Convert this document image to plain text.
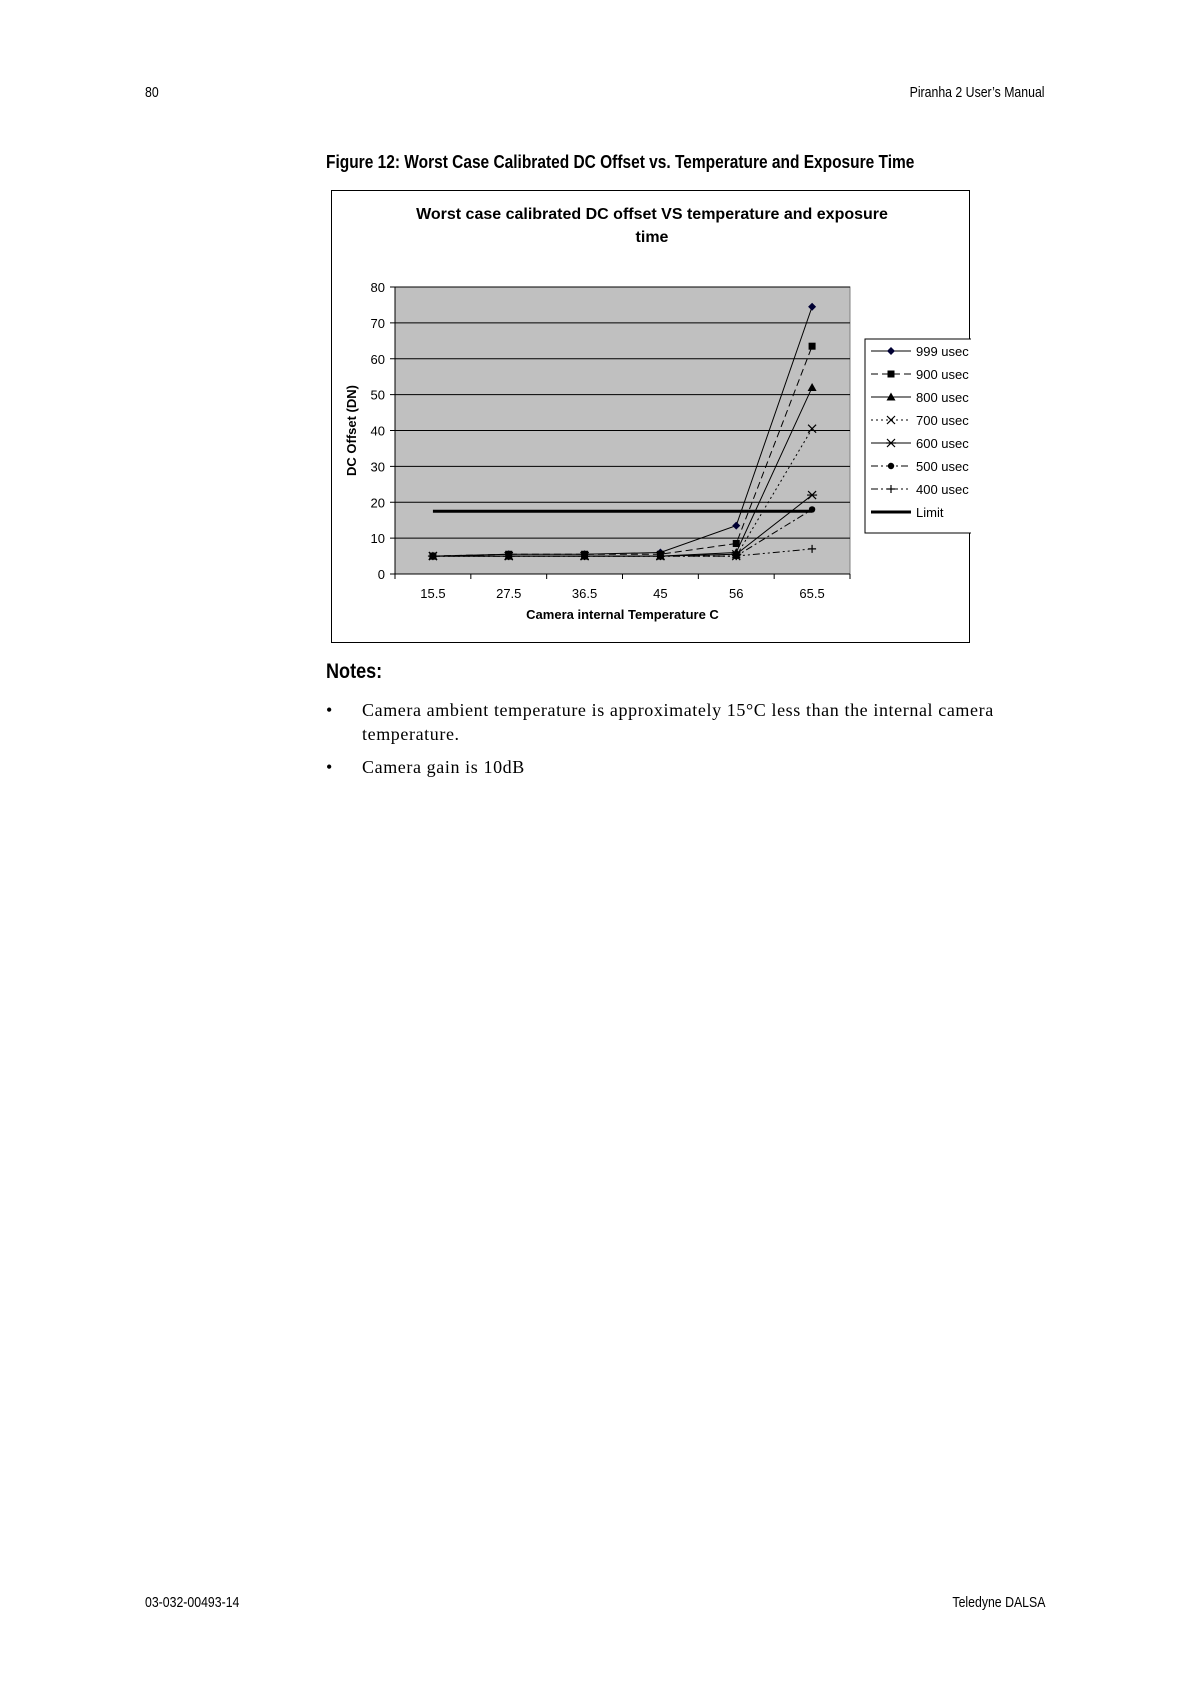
80	Piranha 2 User’s Manual
Figure 12: Worst Case Calibrated DC Offset vs. Temperature and Exposure Time
Worst case calibrated DC offset VS temperature and exposure
time
0
10
20
30
40
50
60
70
80
15.5	27.5	36.5	45	56	65.5
Camera internal Temperature C
DC Offset (DN)
999 usec
900 usec
800 usec
700 usec
600 usec
500 usec
400 usec
Limit
Notes:
• Camera ambient temperature is approximately 15°C less than the internal camera temperature.
• Camera gain is 10dB
03-032-00493-14	Teledyne DALSA
